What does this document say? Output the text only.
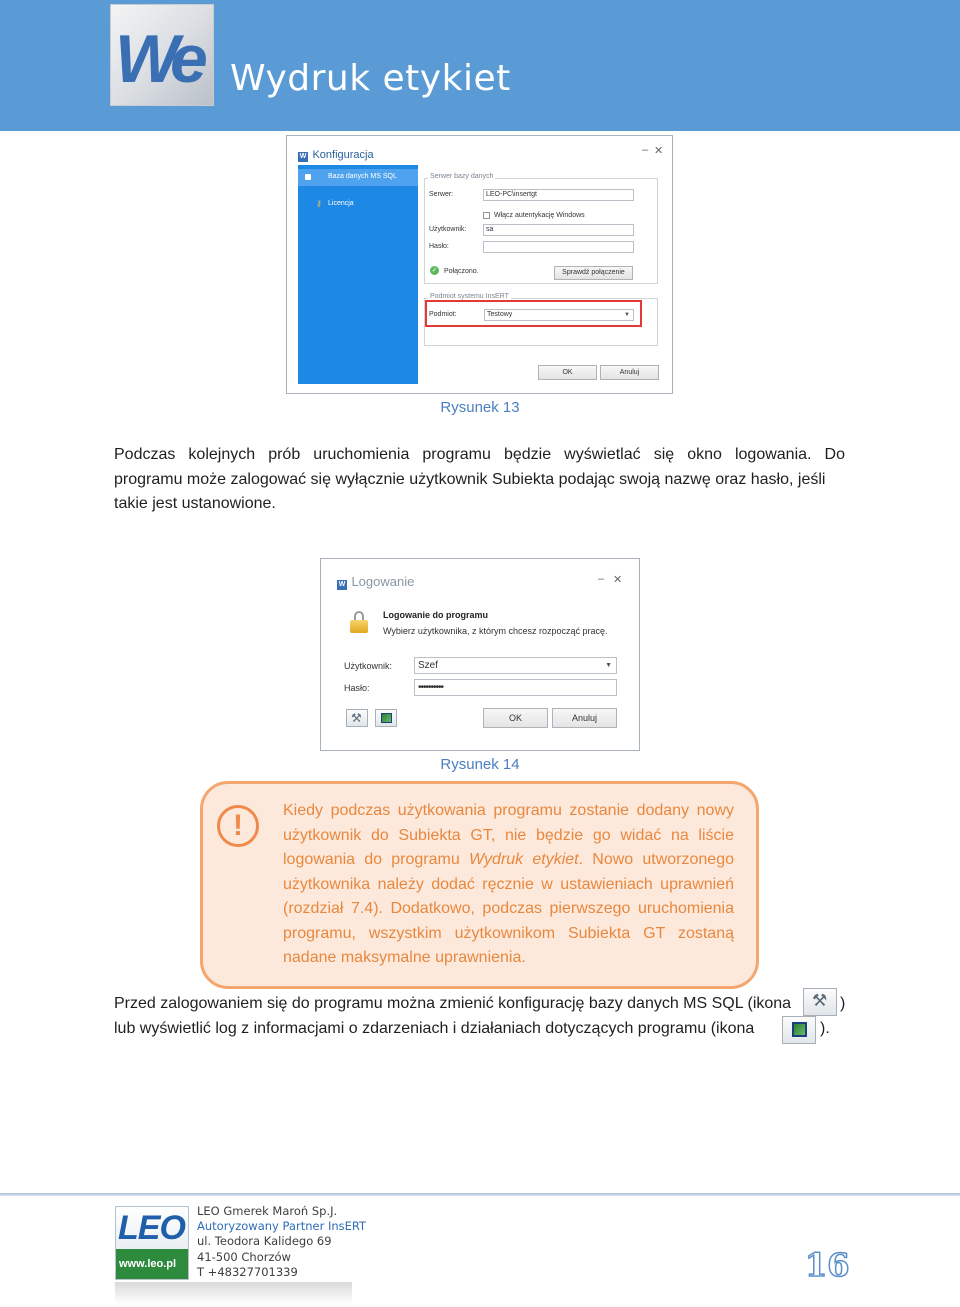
We Wydruk etykiet
W Konfiguracja	– ✕
Baza danych MS SQL
⚷ Licencja
Serwer bazy danych
Serwer:	LEO-PC\insertgt
Włącz autentykację Windows
Użytkownik:	sa
Hasło:
✓ Połączono.	Sprawdź połączenie
Podmiot systemu InsERT
Podmiot:	Testowy	▼
OK	Anuluj
Rysunek 13
Podczas kolejnych prób uruchomienia programu będzie wyświetlać się okno logowania. Do
programu może zalogować się wyłącznie użytkownik Subiekta podając swoją nazwę oraz hasło, jeśli
takie jest ustanowione.
W Logowanie	– ✕
Logowanie do programu
Wybierz użytkownika, z którym chcesz rozpocząć pracę.
Użytkownik:	Szef	▼
Hasło:	••••••••••
⚒	OK	Anuluj
Rysunek 14
!	Kiedy podczas użytkowania programu zostanie dodany nowy użytkownik do Subiekta GT, nie będzie go widać na liście logowania do programu Wydruk etykiet. Nowo utworzonego użytkownika należy dodać ręcznie w ustawieniach uprawnień (rozdział 7.4). Dodatkowo, podczas pierwszego uruchomienia programu, wszystkim użytkownikom Subiekta GT zostaną nadane maksymalne uprawnienia.
Przed zalogowaniem się do programu można zmienić konfigurację bazy danych MS SQL (ikona
lub wyświetlić log z informacjami o zdarzeniach i działaniach dotyczących programu (ikona
⚒ )
).
LEO
www.leo.pl
LEO Gmerek Maroń Sp.J.
Autoryzowany Partner InsERT
ul. Teodora Kalidego 69
41-500 Chorzów
T +48327701339	16
